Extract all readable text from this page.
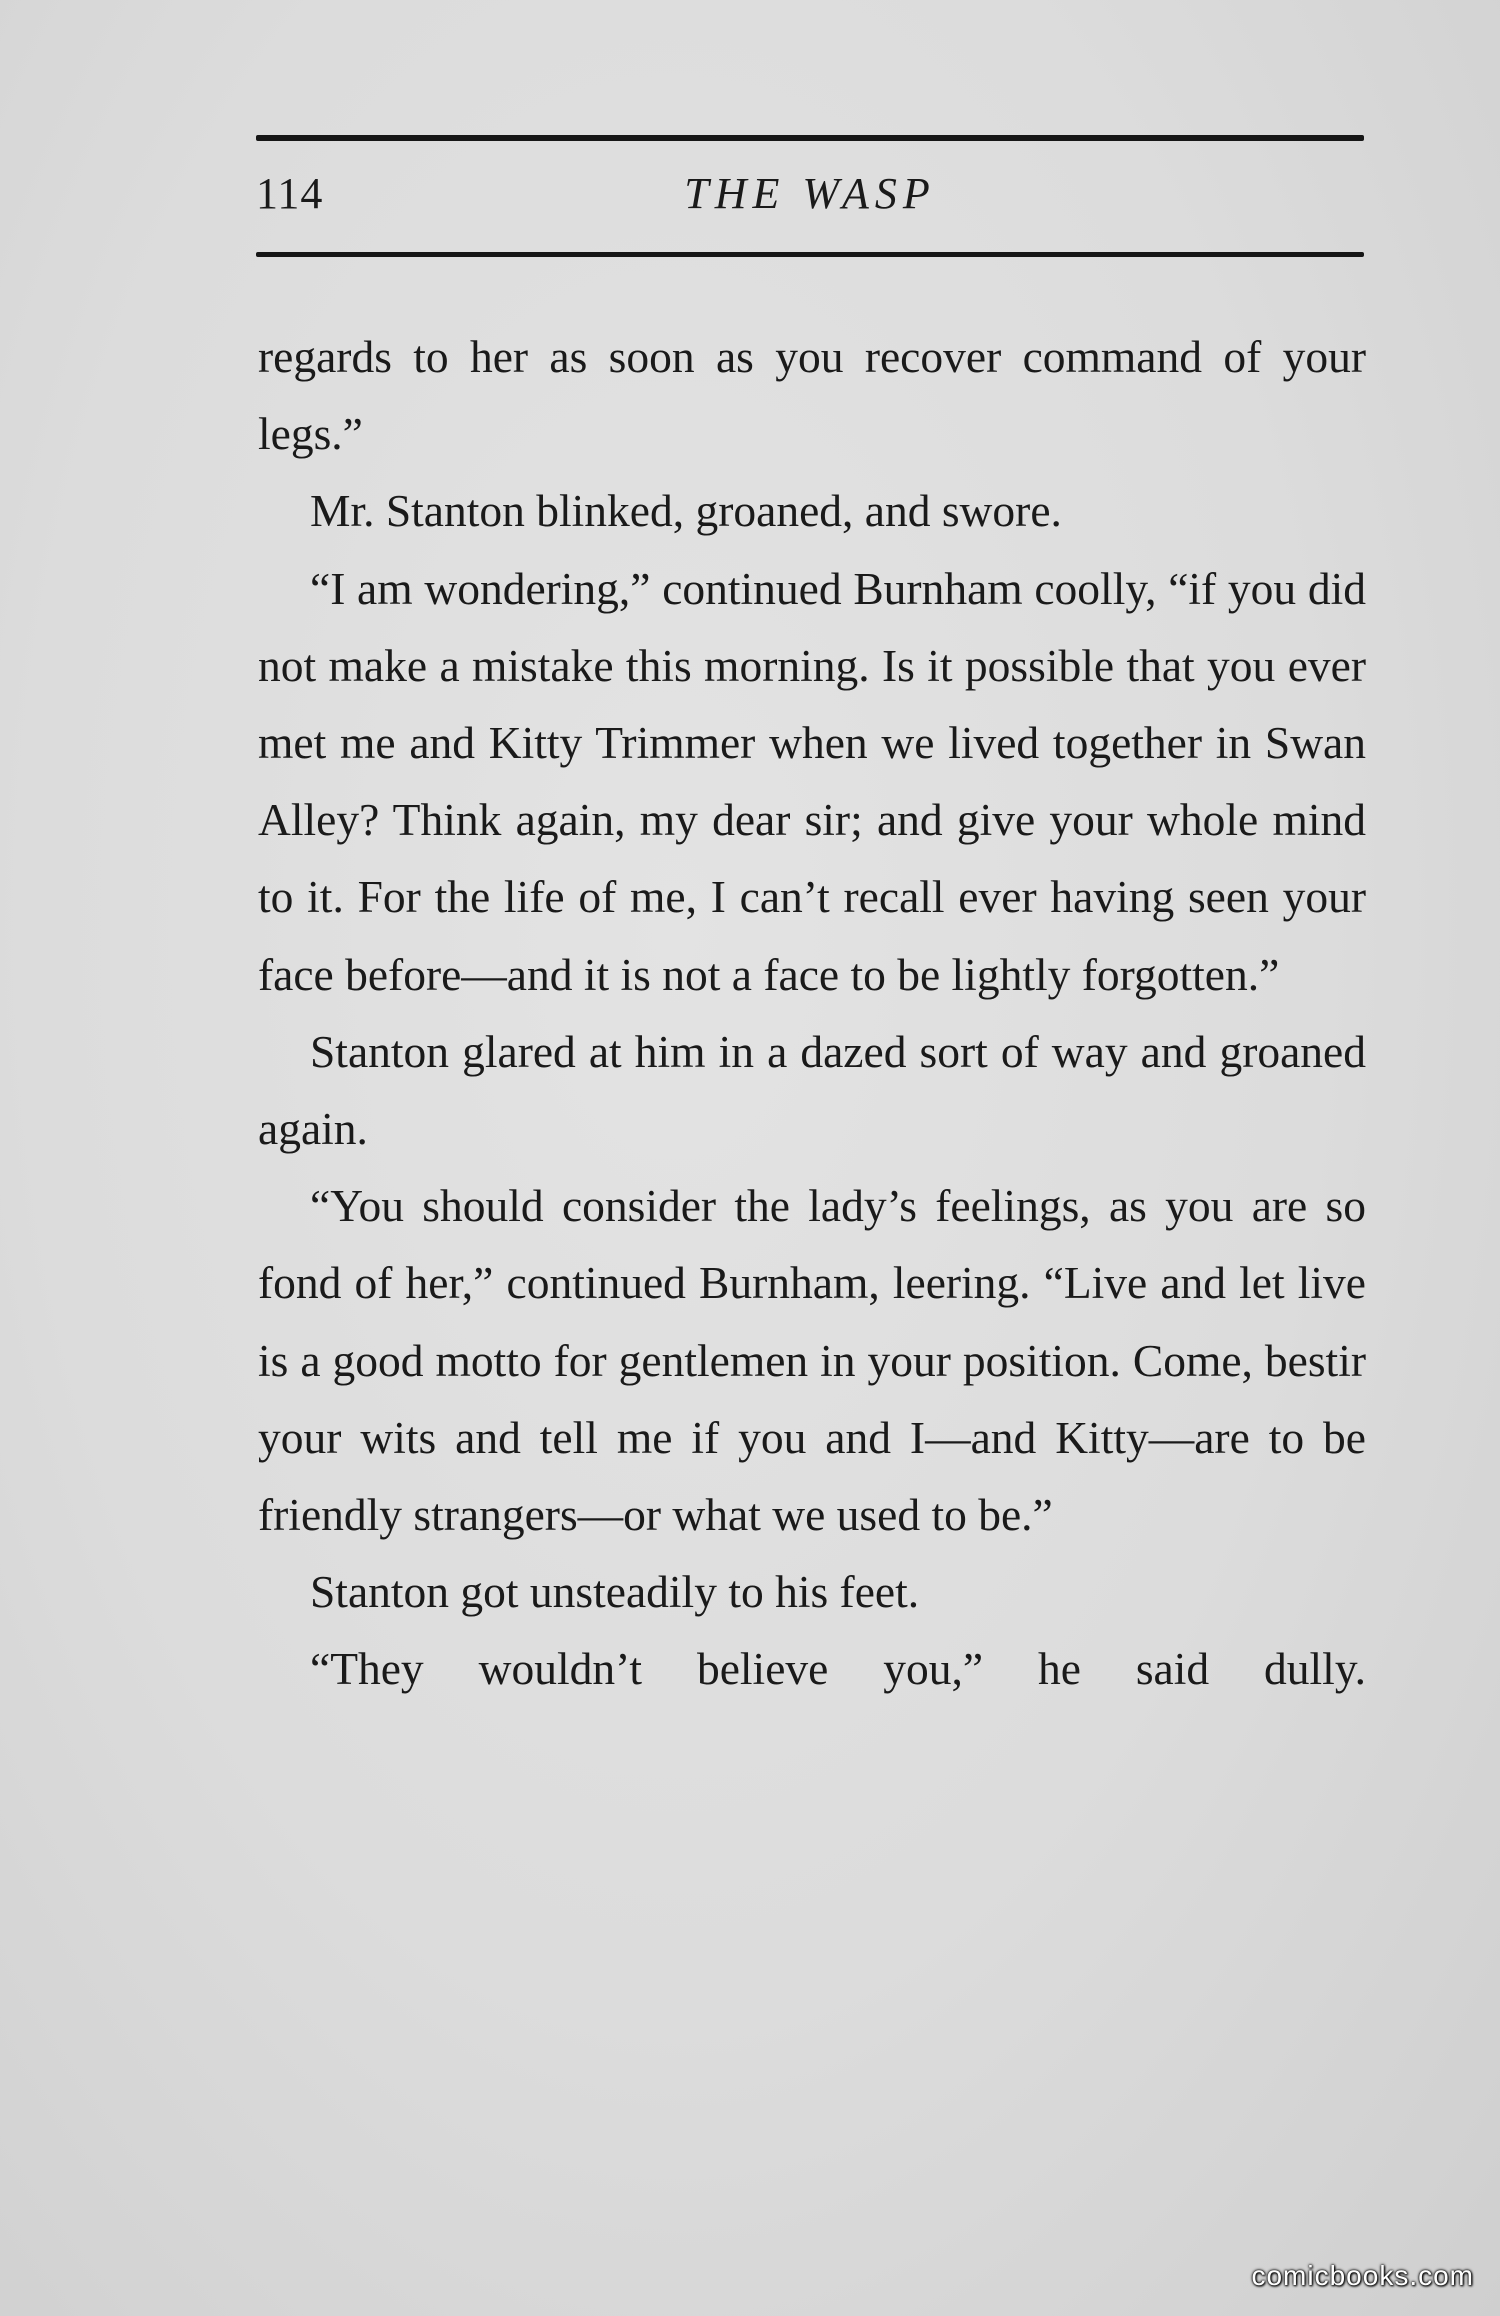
114	THE WASP

regards to her as soon as you recover command of your legs.”

Mr. Stanton blinked, groaned, and swore.

“I am wondering,” continued Burnham coolly, “if you did not make a mistake this morning. Is it possible that you ever met me and Kitty Trimmer when we lived together in Swan Alley? Think again, my dear sir; and give your whole mind to it. For the life of me, I can’t recall ever having seen your face before—and it is not a face to be lightly forgotten.”

Stanton glared at him in a dazed sort of way and groaned again.

“You should consider the lady’s feelings, as you are so fond of her,” continued Burnham, leering. “Live and let live is a good motto for gentlemen in your position. Come, bestir your wits and tell me if you and I—and Kitty—are to be friendly strangers—or what we used to be.”

Stanton got unsteadily to his feet.

“They wouldn’t believe you,” he said dully.

comicbooks.com
